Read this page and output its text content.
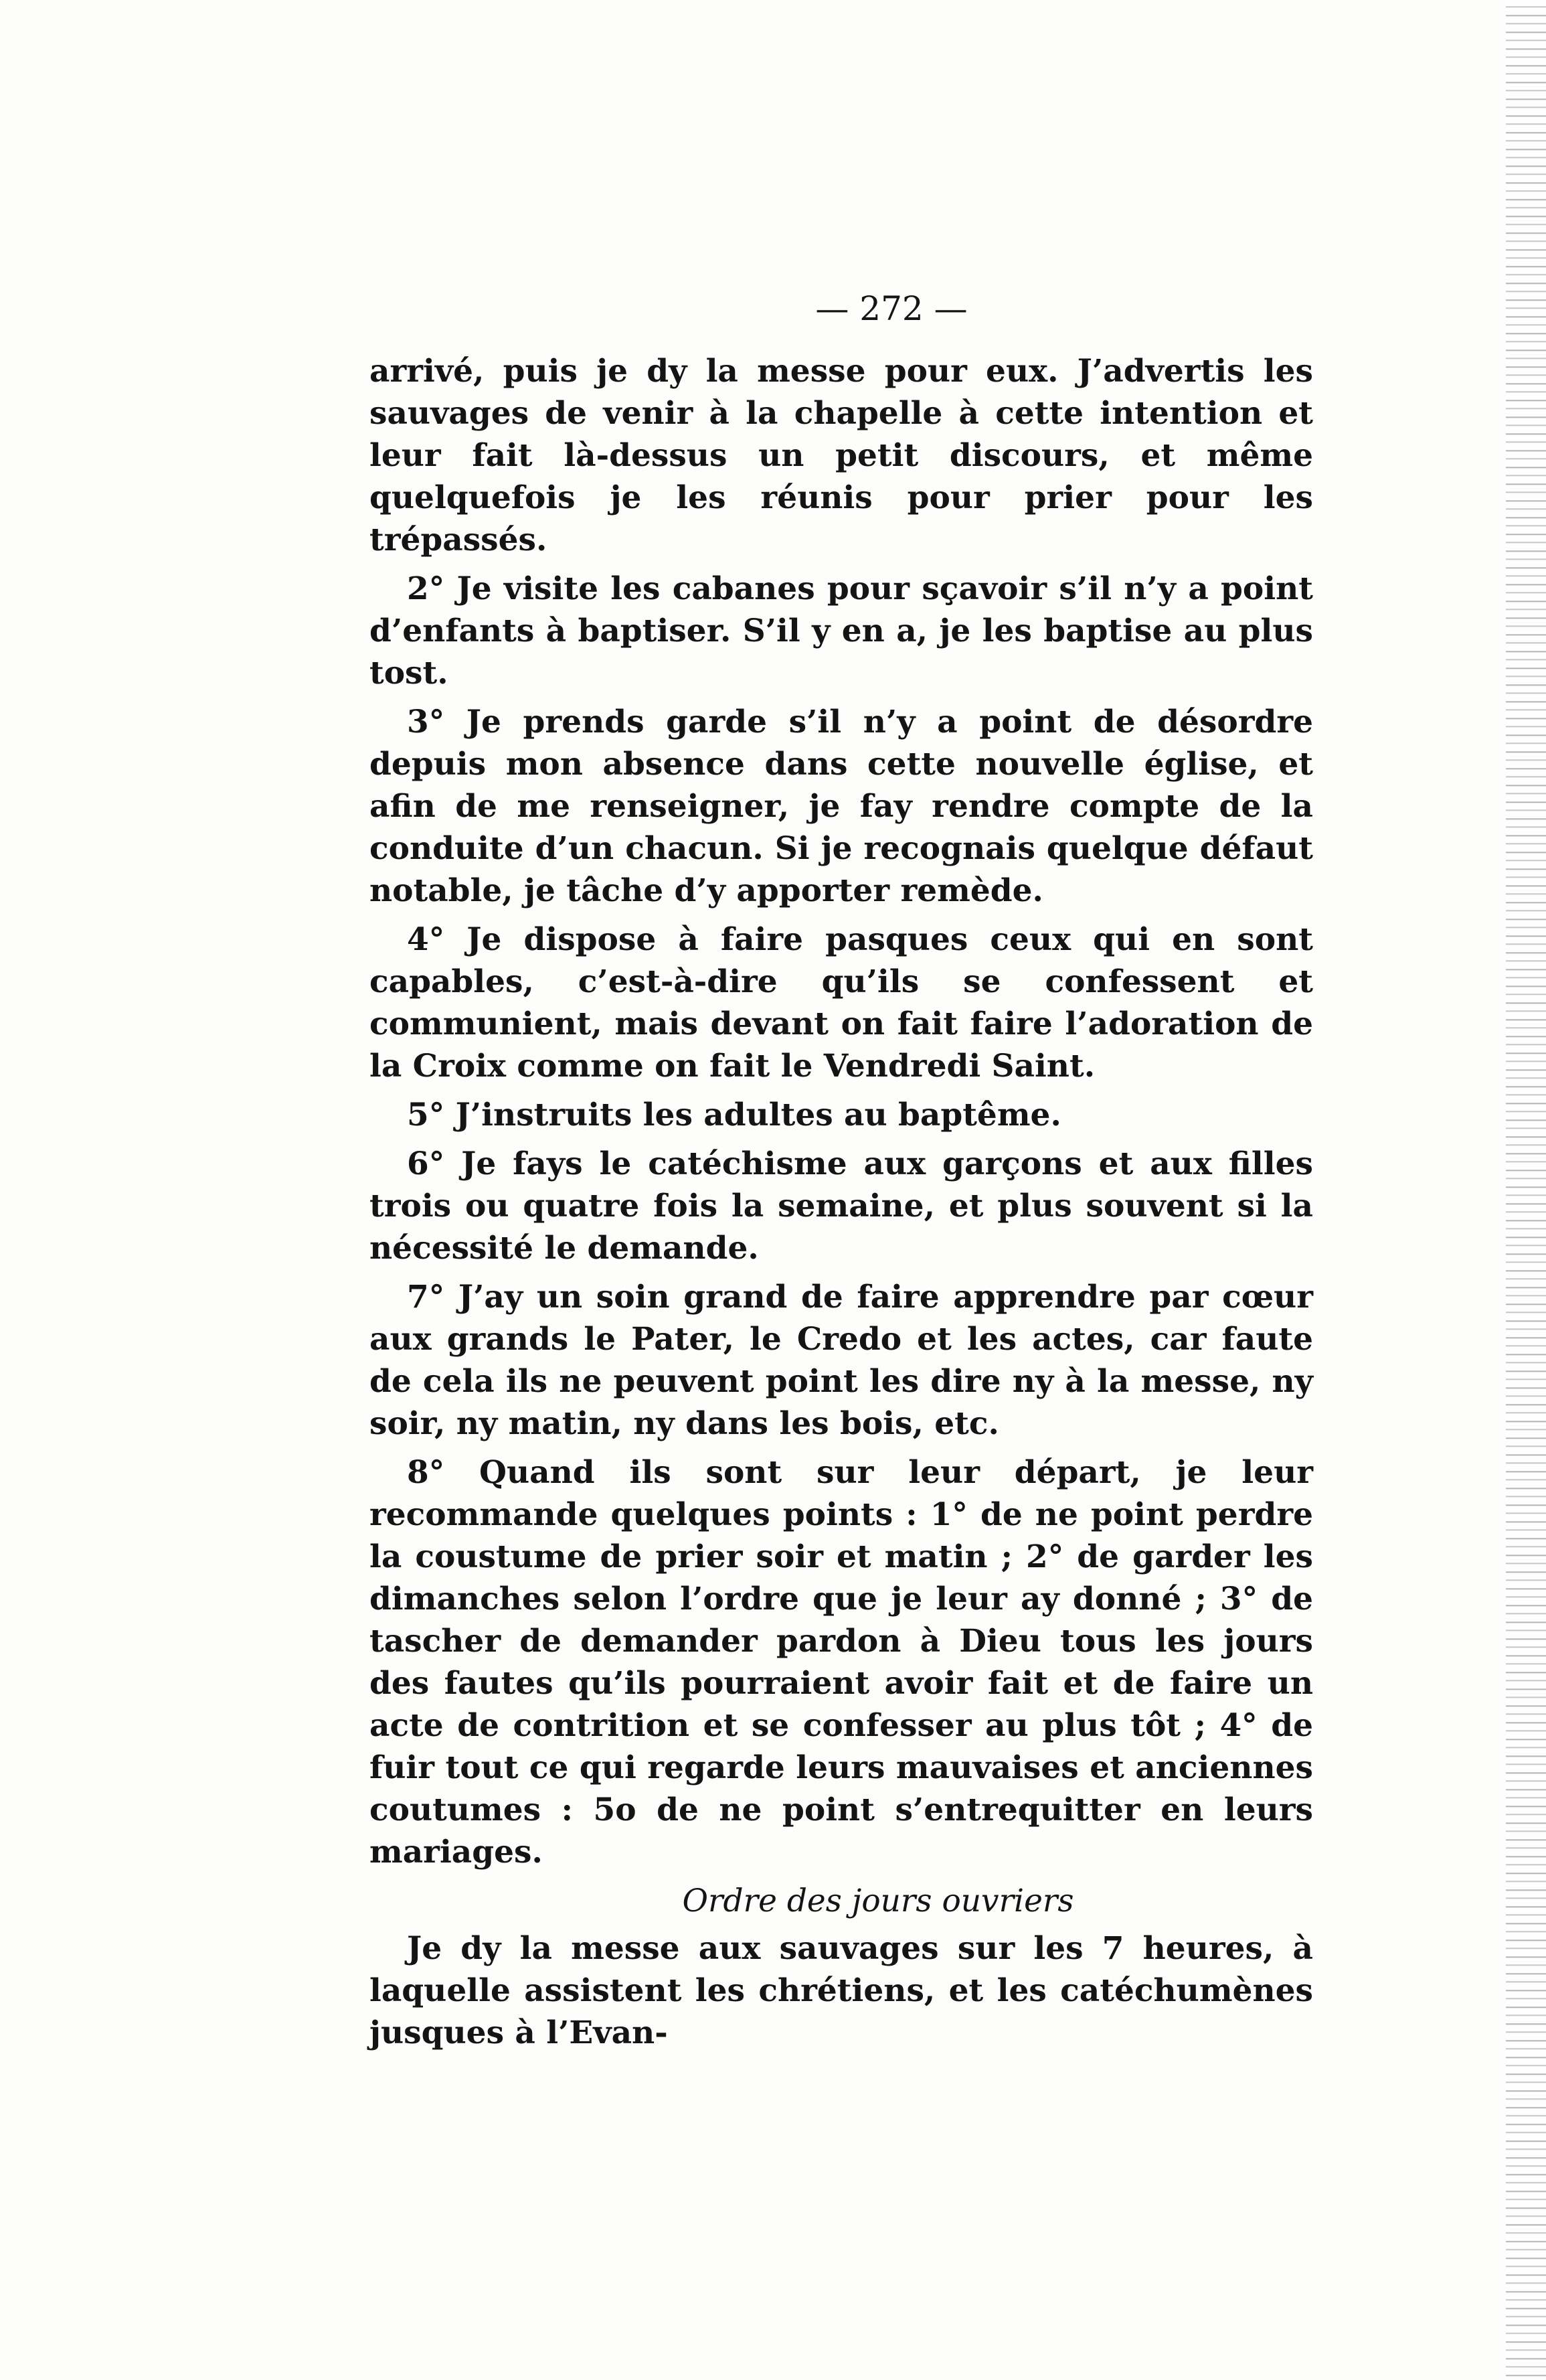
— 272 —

arrivé, puis je dy la messe pour eux. J’advertis les sauvages de venir à la chapelle à cette intention et leur fait là-dessus un petit discours, et même quelquefois je les réunis pour prier pour les trépassés.

2° Je visite les cabanes pour sçavoir s’il n’y a point d’enfants à baptiser. S’il y en a, je les baptise au plus tost.

3° Je prends garde s’il n’y a point de désordre depuis mon absence dans cette nouvelle église, et afin de me renseigner, je fay rendre compte de la conduite d’un chacun. Si je recognais quelque défaut notable, je tâche d’y apporter remède.

4° Je dispose à faire pasques ceux qui en sont capables, c’est-à-dire qu’ils se confessent et communient, mais devant on fait faire l’adoration de la Croix comme on fait le Vendredi Saint.

5° J’instruits les adultes au baptême.

6° Je fays le catéchisme aux garçons et aux filles trois ou quatre fois la semaine, et plus souvent si la nécessité le demande.

7° J’ay un soin grand de faire apprendre par cœur aux grands le Pater, le Credo et les actes, car faute de cela ils ne peuvent point les dire ny à la messe, ny soir, ny matin, ny dans les bois, etc.

8° Quand ils sont sur leur départ, je leur recommande quelques points : 1° de ne point perdre la coustume de prier soir et matin ; 2° de garder les dimanches selon l’ordre que je leur ay donné ; 3° de tascher de demander pardon à Dieu tous les jours des fautes qu’ils pourraient avoir fait et de faire un acte de contrition et se confesser au plus tôt ; 4° de fuir tout ce qui regarde leurs mauvaises et anciennes coutumes : 5o de ne point s’entrequitter en leurs mariages.

Ordre des jours ouvriers

Je dy la messe aux sauvages sur les 7 heures, à laquelle assistent les chrétiens, et les catéchumènes jusques à l’Evan-
